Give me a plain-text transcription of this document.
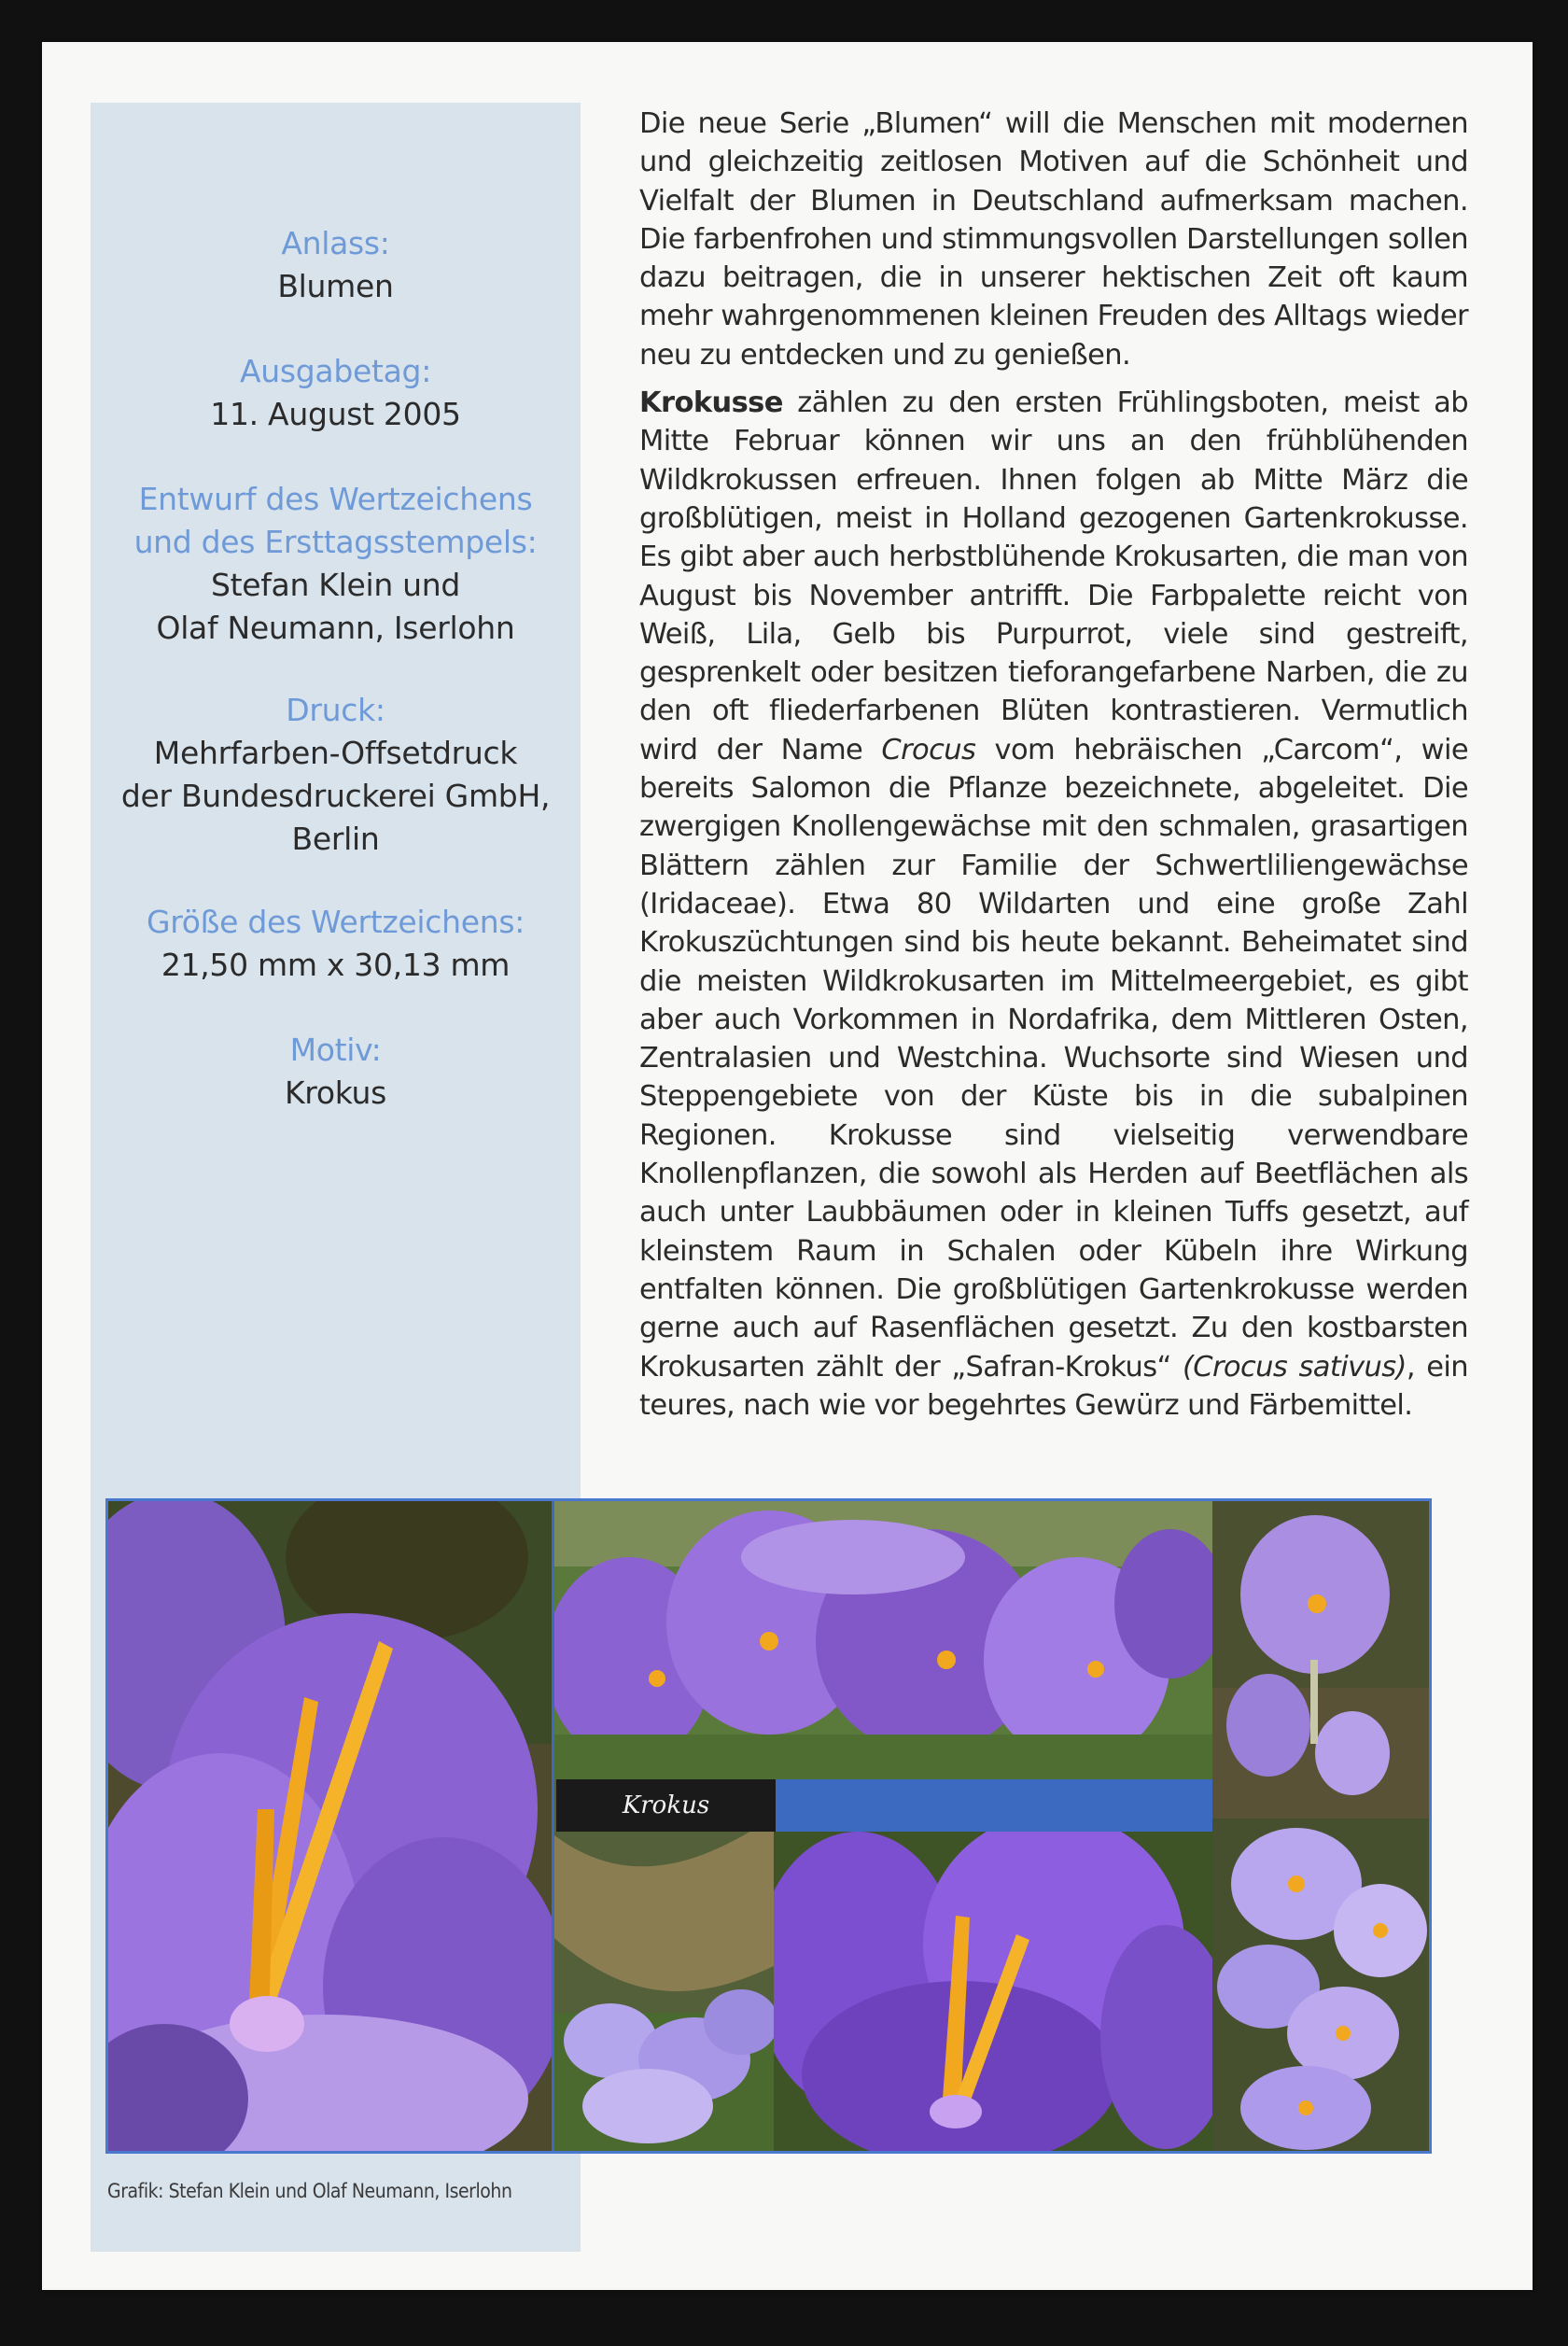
Anlass:
Blumen
Ausgabetag:
11. August 2005
Entwurf des Wertzeichens
und des Ersttagsstempels:
Stefan Klein und
Olaf Neumann, Iserlohn
Druck:
Mehrfarben-Offsetdruck
der Bundesdruckerei GmbH,
Berlin
Größe des Wertzeichens:
21,50 mm x 30,13 mm
Motiv:
Krokus

Die neue Serie „Blumen“ will die Menschen mit modernen und gleichzeitig zeitlosen Motiven auf die Schönheit und Vielfalt der Blumen in Deutschland aufmerksam machen. Die farbenfrohen und stimmungsvollen Darstellungen sollen dazu beitragen, die in unserer hektischen Zeit oft kaum mehr wahrgenommenen kleinen Freuden des Alltags wieder neu zu entdecken und zu genießen.

Krokusse zählen zu den ersten Frühlingsboten, meist ab Mitte Februar können wir uns an den frühblühenden Wildkrokussen erfreuen. Ihnen folgen ab Mitte März die großblütigen, meist in Holland gezogenen Gartenkrokusse. Es gibt aber auch herbstblühende Krokusarten, die man von August bis November antrifft. Die Farbpalette reicht von Weiß, Lila, Gelb bis Purpurrot, viele sind gestreift, gesprenkelt oder besitzen tieforangefarbene Narben, die zu den oft fliederfarbenen Blüten kontrastieren. Vermutlich wird der Name Crocus vom hebräischen „Carcom“, wie bereits Salomon die Pflanze bezeichnete, abgeleitet. Die zwergigen Knollengewächse mit den schmalen, grasartigen Blättern zählen zur Familie der Schwertliliengewächse (Iridaceae). Etwa 80 Wildarten und eine große Zahl Krokuszüchtungen sind bis heute bekannt. Beheimatet sind die meisten Wildkrokusarten im Mittelmeergebiet, es gibt aber auch Vorkommen in Nordafrika, dem Mittleren Osten, Zentralasien und Westchina. Wuchsorte sind Wiesen und Steppengebiete von der Küste bis in die subalpinen Regionen. Krokusse sind vielseitig verwendbare Knollenpflanzen, die sowohl als Herden auf Beetflächen als auch unter Laubbäumen oder in kleinen Tuffs gesetzt, auf kleinstem Raum in Schalen oder Kübeln ihre Wirkung entfalten können. Die großblütigen Gartenkrokusse werden gerne auch auf Rasenflächen gesetzt. Zu den kostbarsten Krokusarten zählt der „Safran-Krokus“ (Crocus sativus), ein teures, nach wie vor begehrtes Gewürz und Färbemittel.

Krokus
Grafik: Stefan Klein und Olaf Neumann, Iserlohn
